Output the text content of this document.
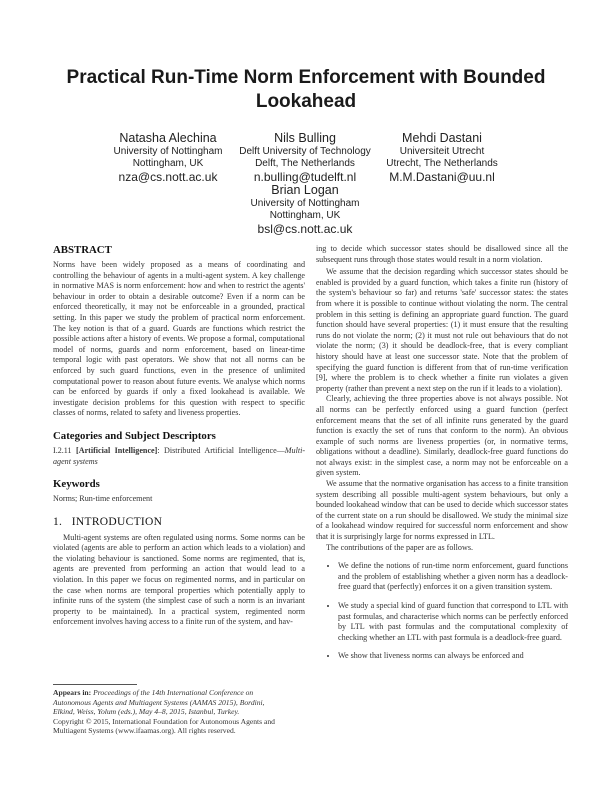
Practical Run-Time Norm Enforcement with Bounded Lookahead
Natasha Alechina
University of Nottingham
Nottingham, UK
nza@cs.nott.ac.uk
Nils Bulling
Delft University of Technology
Delft, The Netherlands
n.bulling@tudelft.nl
Mehdi Dastani
Universiteit Utrecht
Utrecht, The Netherlands
M.M.Dastani@uu.nl
Brian Logan
University of Nottingham
Nottingham, UK
bsl@cs.nott.ac.uk
ABSTRACT

Norms have been widely proposed as a means of coordinating and controlling the behaviour of agents in a multi-agent system. A key challenge in normative MAS is norm enforcement: how and when to restrict the agents' behaviour in order to obtain a desirable outcome? Even if a norm can be enforced theoretically, it may not be enforceable in a grounded, practical setting. In this paper we study the problem of practical norm enforcement. The key notion is that of a guard. Guards are functions which restrict the possible actions after a history of events. We propose a formal, computational model of norms, guards and norm enforcement, based on linear-time temporal logic with past operators. We show that not all norms can be enforced by such guard functions, even in the presence of unlimited computational power to reason about future events. We analyse which norms can be enforced by guards if only a fixed lookahead is available. We investigate decision problems for this question with respect to specific classes of norms, related to safety and liveness properties.

Categories and Subject Descriptors

I.2.11 [Artificial Intelligence]: Distributed Artificial Intelligence—Multi-agent systems

Keywords

Norms; Run-time enforcement

1. INTRODUCTION

Multi-agent systems are often regulated using norms. Some norms can be violated (agents are able to perform an action which leads to a violation) and the violating behaviour is sanctioned. Some norms are regimented, that is, agents are prevented from performing an action that would lead to a violation. In this paper we focus on regimented norms, and in particular on the case when norms are temporal properties which potentially apply to infinite runs of the system (the simplest case of such a norm is an invariant property to be maintained). In a practical system, regimented norm enforcement involves having access to a finite run of the system, and hav-

Appears in: Proceedings of the 14th International Conference on Autonomous Agents and Multiagent Systems (AAMAS 2015), Bordini, Elkind, Weiss, Yolum (eds.), May 4–8, 2015, Istanbul, Turkey.
Copyright © 2015, International Foundation for Autonomous Agents and Multiagent Systems (www.ifaamas.org). All rights reserved.

ing to decide which successor states should be disallowed since all the subsequent runs through those states would result in a norm violation.

We assume that the decision regarding which successor states should be enabled is provided by a guard function, which takes a finite run (history of the system's behaviour so far) and returns 'safe' successor states: the states from where it is possible to continue without violating the norm. The central problem in this setting is defining an appropriate guard function. The guard function should have several properties: (1) it must ensure that the resulting runs do not violate the norm; (2) it must not rule out behaviours that do not violate the norm; (3) it should be deadlock-free, that is every compliant history should have at least one successor state. Note that the problem of specifying the guard function is different from that of run-time verification [9], where the problem is to check whether a finite run violates a given property (rather than prevent a next step on the run if it leads to a violation).

Clearly, achieving the three properties above is not always possible. Not all norms can be perfectly enforced using a guard function (perfect enforcement means that the set of all infinite runs generated by the guard function is exactly the set of runs that conform to the norm). An obvious example of such norms are liveness properties (or, in normative terms, obligations without a deadline). Similarly, deadlock-free guard functions do not always exist: in the simplest case, a norm may not be enforceable on a given system.

We assume that the normative organisation has access to a finite transition system describing all possible multi-agent system behaviours, but only a bounded lookahead window that can be used to decide which successor states of the current state on a run should be disallowed. We study the minimal size of a lookahead window required for successful norm enforcement and show that it is surprisingly large for norms expressed in LTL.

The contributions of the paper are as follows.

• We define the notions of run-time norm enforcement, guard functions and the problem of establishing whether a given norm has a deadlock-free guard that (perfectly) enforces it on a given transition system.
• We study a special kind of guard function that correspond to LTL with past formulas, and characterise which norms can be perfectly enforced by LTL with past formulas and the computational complexity of checking whether an LTL with past formula is a deadlock-free guard.
• We show that liveness norms can always be enforced and
